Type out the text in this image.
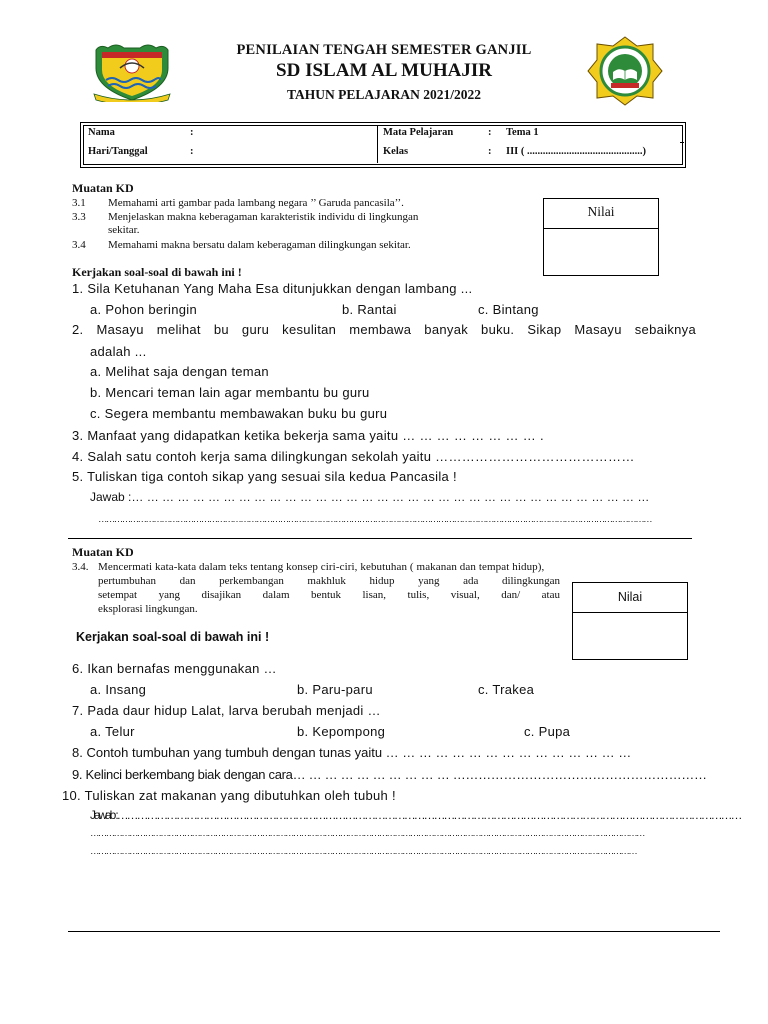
PENILAIAN TENGAH SEMESTER GANJIL
SD ISLAM AL MUHAJIR
TAHUN PELAJARAN 2021/2022
Nama	:
Hari/Tanggal	:
Mata Pelajaran	: Tema 1
Kelas	: III ( ............................................)
Muatan KD
3.1 Memahami arti gambar pada lambang negara ’’ Garuda pancasila’’.
3.3 Menjelaskan makna keberagaman karakteristik individu di lingkungan
sekitar.
3.4 Memahami makna bersatu dalam keberagaman dilingkungan sekitar.
Nilai
Kerjakan soal-soal di bawah ini !
1. Sila Ketuhanan Yang Maha Esa ditunjukkan dengan lambang ...
a. Pohon beringin	b. Rantai	c. Bintang
2. Masayu melihat bu guru kesulitan membawa banyak buku. Sikap Masayu sebaiknya
adalah ...
a. Melihat saja dengan teman
b. Mencari teman lain agar membantu bu guru
c. Segera membantu membawakan buku bu guru
3. Manfaat yang didapatkan ketika bekerja sama yaitu … … … … … … … … .
4. Salah satu contoh kerja sama dilingkungan sekolah yaitu ………………………………………
5. Tuliskan tiga contoh sikap yang sesuai sila kedua Pancasila !
Jawab :… … … … … … … … … … … … … … … … … … … … … … … … … … … … … … … … … …
…………………………………………………………………………………………………………………………………………………………………………………………
Muatan KD
3.4. Mencermati kata-kata dalam teks tentang konsep ciri-ciri, kebutuhan ( makanan dan tempat hidup),
pertumbuhan dan perkembangan makhluk hidup yang ada dilingkungan
setempat yang disajikan dalam bentuk lisan, tulis, visual, dan/ atau
eksplorasi lingkungan.
Nilai
Kerjakan soal-soal di bawah ini !
6. Ikan bernafas menggunakan …
a. Insang	b. Paru-paru	c. Trakea
7. Pada daur hidup Lalat, larva berubah menjadi …
a. Telur	b. Kepompong	c. Pupa
8. Contoh tumbuhan yang tumbuh dengan tunas yaitu … … … … … … … … … … … … … … …
9. Kelinci berkembang biak dengan cara… … … … … … … … … … ……………………………………………………
10. Tuliskan zat makanan yang dibutuhkan oleh tubuh !
Jawab :………………………………………………………………………………………………………………………………………………………………………
……………………………………………………………………………………………………………………………………………………………………………………………
…………………………………………………………………………………………………………………………………………………………………………………………
